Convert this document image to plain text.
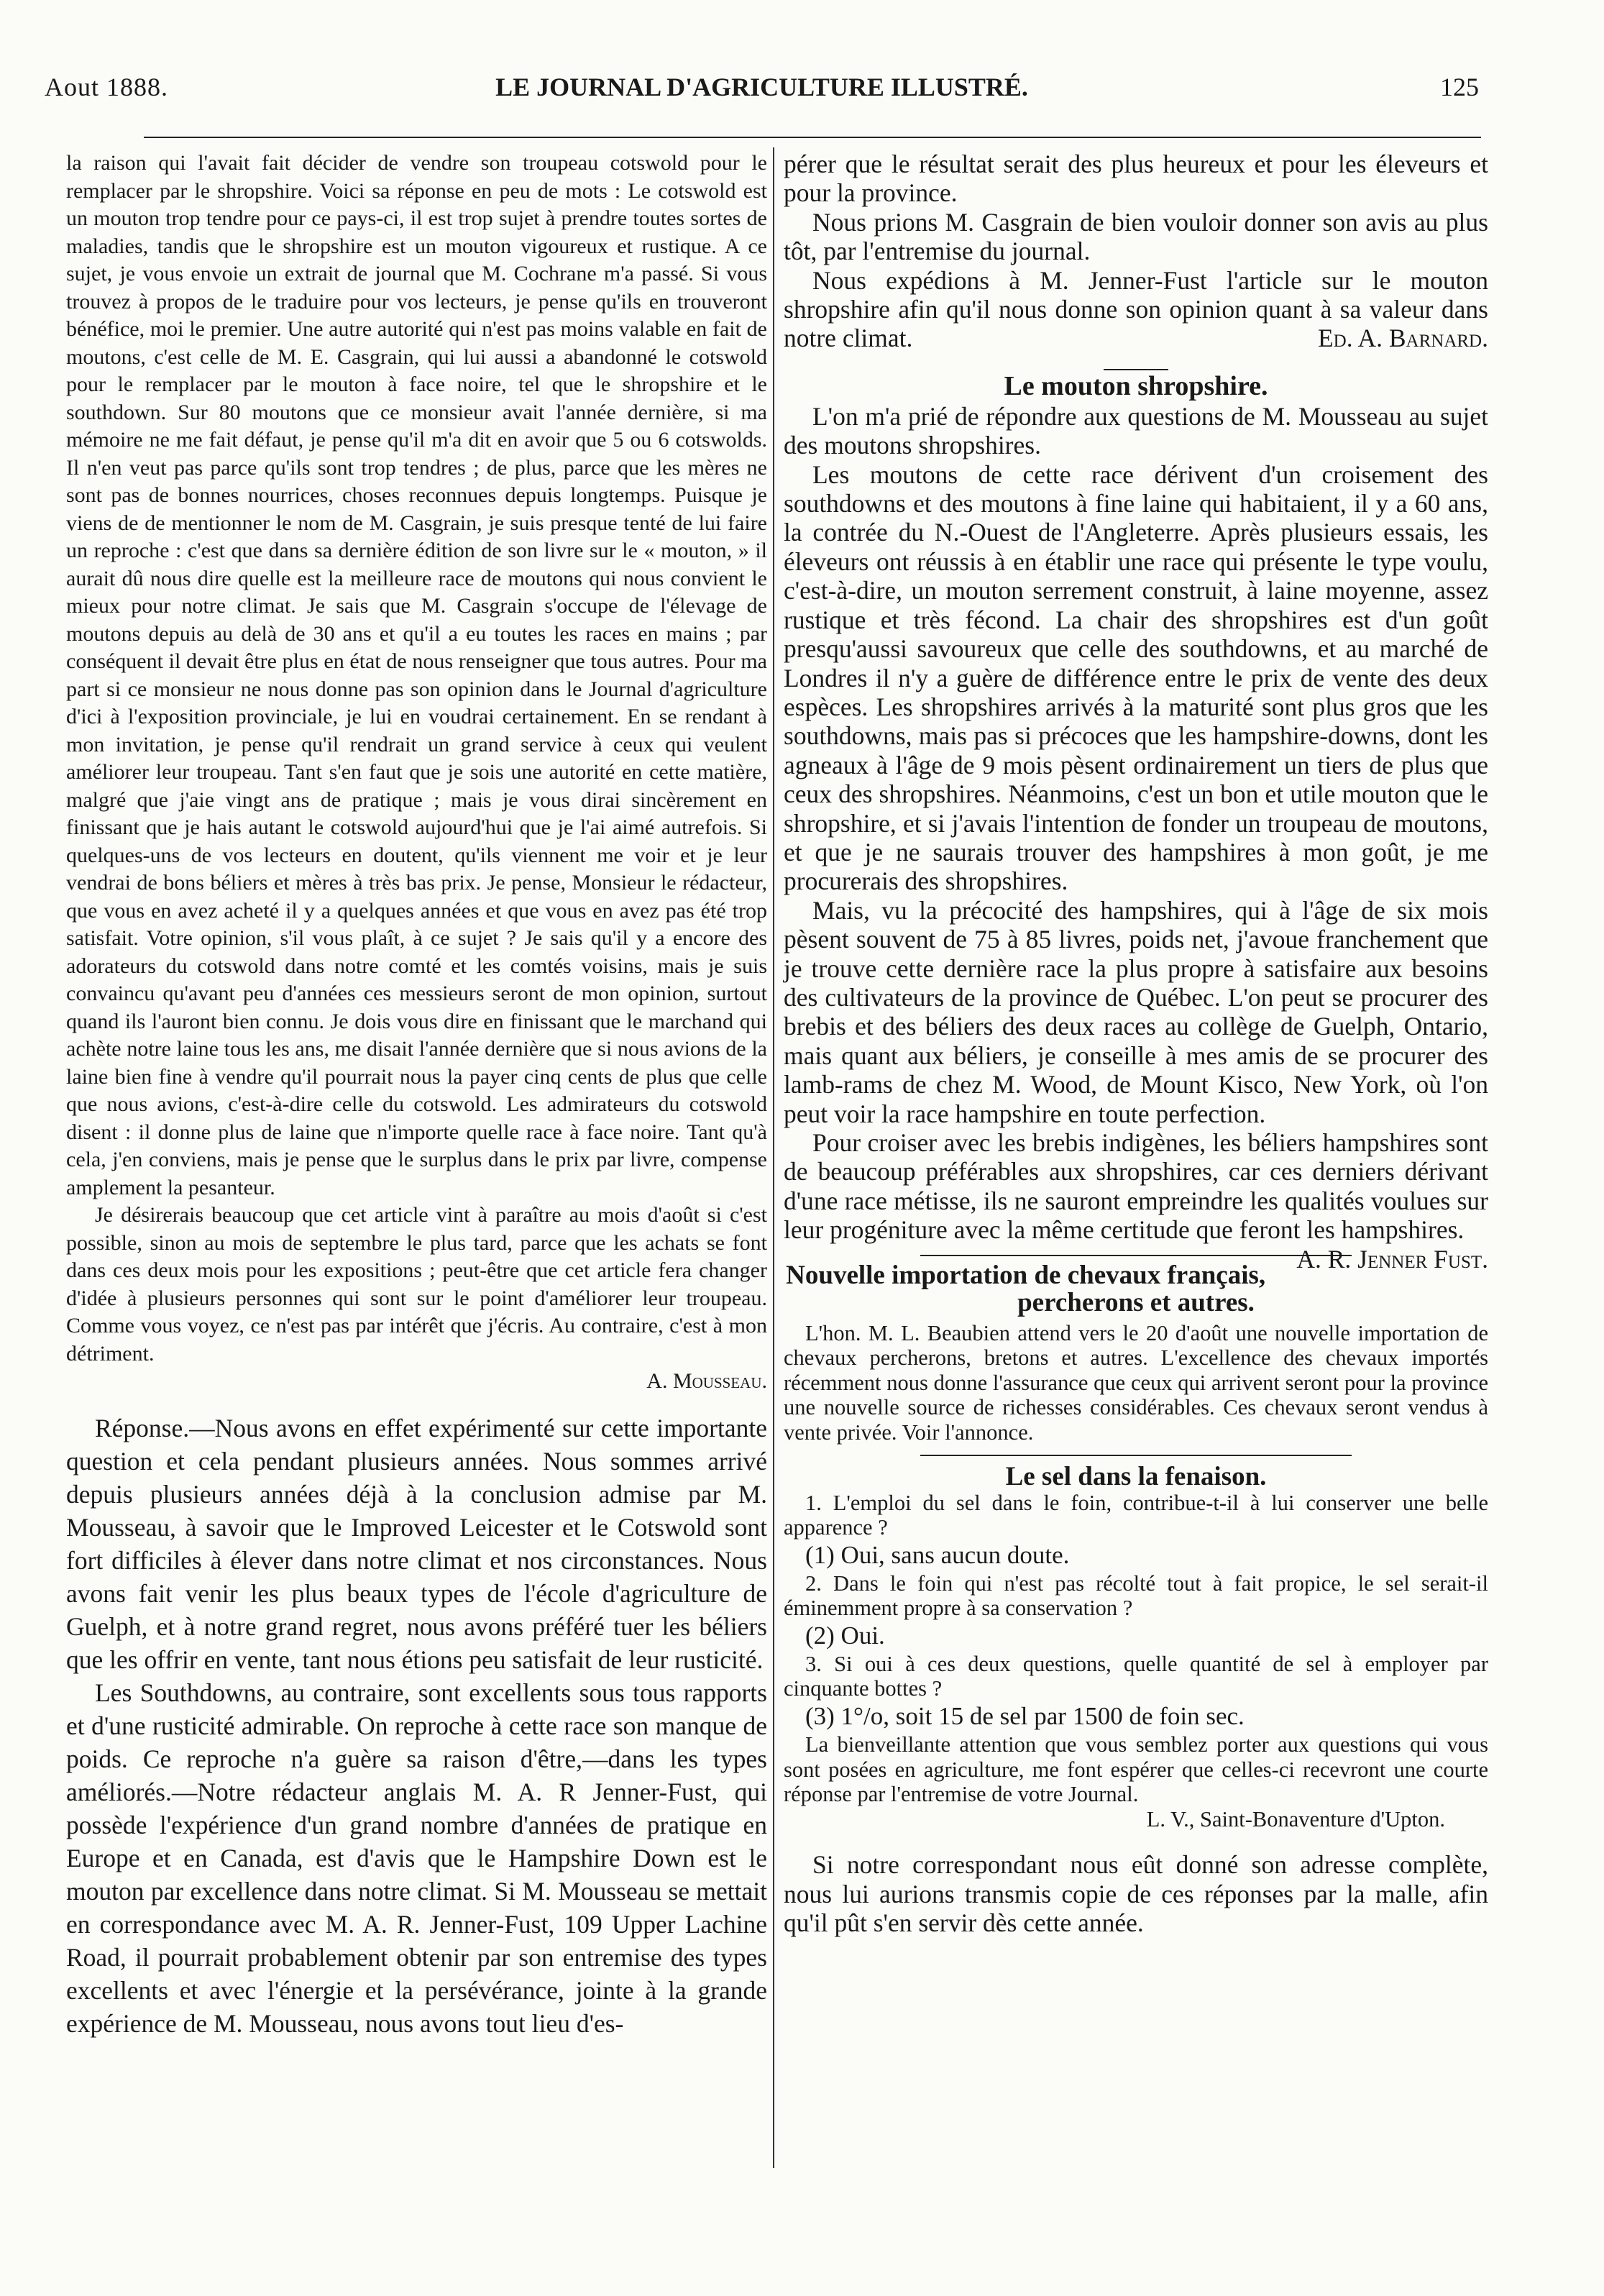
Aout 1888.	LE JOURNAL D'AGRICULTURE ILLUSTRÉ.	125

la raison qui l'avait fait décider de vendre son troupeau cotswold pour le remplacer par le shropshire. Voici sa réponse en peu de mots : Le cotswold est un mouton trop tendre pour ce pays-ci, il est trop sujet à prendre toutes sortes de maladies, tandis que le shropshire est un mouton vigoureux et rustique. A ce sujet, je vous envoie un extrait de journal que M. Cochrane m'a passé. Si vous trouvez à propos de le traduire pour vos lecteurs, je pense qu'ils en trouveront bénéfice, moi le premier. Une autre autorité qui n'est pas moins valable en fait de moutons, c'est celle de M. E. Casgrain, qui lui aussi a abandonné le cotswold pour le remplacer par le mouton à face noire, tel que le shropshire et le southdown. Sur 80 moutons que ce monsieur avait l'année dernière, si ma mémoire ne me fait défaut, je pense qu'il m'a dit en avoir que 5 ou 6 cotswolds. Il n'en veut pas parce qu'ils sont trop tendres ; de plus, parce que les mères ne sont pas de bonnes nourrices, choses reconnues depuis longtemps. Puisque je viens de de mentionner le nom de M. Casgrain, je suis presque tenté de lui faire un reproche : c'est que dans sa dernière édition de son livre sur le « mouton, » il aurait dû nous dire quelle est la meilleure race de moutons qui nous convient le mieux pour notre climat. Je sais que M. Casgrain s'occupe de l'élevage de moutons depuis au delà de 30 ans et qu'il a eu toutes les races en mains ; par conséquent il devait être plus en état de nous renseigner que tous autres. Pour ma part si ce monsieur ne nous donne pas son opinion dans le Journal d'agriculture d'ici à l'exposition provinciale, je lui en voudrai certainement. En se rendant à mon invitation, je pense qu'il rendrait un grand service à ceux qui veulent améliorer leur troupeau. Tant s'en faut que je sois une autorité en cette matière, malgré que j'aie vingt ans de pratique ; mais je vous dirai sincèrement en finissant que je hais autant le cotswold aujourd'hui que je l'ai aimé autrefois. Si quelques-uns de vos lecteurs en doutent, qu'ils viennent me voir et je leur vendrai de bons béliers et mères à très bas prix. Je pense, Monsieur le rédacteur, que vous en avez acheté il y a quelques années et que vous en avez pas été trop satisfait. Votre opinion, s'il vous plaît, à ce sujet ? Je sais qu'il y a encore des adorateurs du cotswold dans notre comté et les comtés voisins, mais je suis convaincu qu'avant peu d'années ces messieurs seront de mon opinion, surtout quand ils l'auront bien connu. Je dois vous dire en finissant que le marchand qui achète notre laine tous les ans, me disait l'année dernière que si nous avions de la laine bien fine à vendre qu'il pourrait nous la payer cinq cents de plus que celle que nous avions, c'est-à-dire celle du cotswold. Les admirateurs du cotswold disent : il donne plus de laine que n'importe quelle race à face noire. Tant qu'à cela, j'en conviens, mais je pense que le surplus dans le prix par livre, compense amplement la pesanteur.

Je désirerais beaucoup que cet article vint à paraître au mois d'août si c'est possible, sinon au mois de septembre le plus tard, parce que les achats se font dans ces deux mois pour les expositions ; peut-être que cet article fera changer d'idée à plusieurs personnes qui sont sur le point d'améliorer leur troupeau. Comme vous voyez, ce n'est pas par intérêt que j'écris. Au contraire, c'est à mon détriment.
A. Mousseau.

Réponse.—Nous avons en effet expérimenté sur cette importante question et cela pendant plusieurs années. Nous sommes arrivé depuis plusieurs années déjà à la conclusion admise par M. Mousseau, à savoir que le Improved Leicester et le Cotswold sont fort difficiles à élever dans notre climat et nos circonstances. Nous avons fait venir les plus beaux types de l'école d'agriculture de Guelph, et à notre grand regret, nous avons préféré tuer les béliers que les offrir en vente, tant nous étions peu satisfait de leur rusticité.

Les Southdowns, au contraire, sont excellents sous tous rapports et d'une rusticité admirable. On reproche à cette race son manque de poids. Ce reproche n'a guère sa raison d'être,—dans les types améliorés.—Notre rédacteur anglais M. A. R Jenner-Fust, qui possède l'expérience d'un grand nombre d'années de pratique en Europe et en Canada, est d'avis que le Hampshire Down est le mouton par excellence dans notre climat. Si M. Mousseau se mettait en correspondance avec M. A. R. Jenner-Fust, 109 Upper Lachine Road, il pourrait probablement obtenir par son entremise des types excellents et avec l'énergie et la persévérance, jointe à la grande expérience de M. Mousseau, nous avons tout lieu d'es-

pérer que le résultat serait des plus heureux et pour les éleveurs et pour la province.

Nous prions M. Casgrain de bien vouloir donner son avis au plus tôt, par l'entremise du journal.

Nous expédions à M. Jenner-Fust l'article sur le mouton shropshire afin qu'il nous donne son opinion quant à sa valeur dans notre climat.	Ed. A. Barnard.

Le mouton shropshire.

L'on m'a prié de répondre aux questions de M. Mousseau au sujet des moutons shropshires.

Les moutons de cette race dérivent d'un croisement des southdowns et des moutons à fine laine qui habitaient, il y a 60 ans, la contrée du N.-Ouest de l'Angleterre. Après plusieurs essais, les éleveurs ont réussis à en établir une race qui présente le type voulu, c'est-à-dire, un mouton serrement construit, à laine moyenne, assez rustique et très fécond. La chair des shropshires est d'un goût presqu'aussi savoureux que celle des southdowns, et au marché de Londres il n'y a guère de différence entre le prix de vente des deux espèces. Les shropshires arrivés à la maturité sont plus gros que les southdowns, mais pas si précoces que les hampshire-downs, dont les agneaux à l'âge de 9 mois pèsent ordinairement un tiers de plus que ceux des shropshires. Néanmoins, c'est un bon et utile mouton que le shropshire, et si j'avais l'intention de fonder un troupeau de moutons, et que je ne saurais trouver des hampshires à mon goût, je me procurerais des shropshires.

Mais, vu la précocité des hampshires, qui à l'âge de six mois pèsent souvent de 75 à 85 livres, poids net, j'avoue franchement que je trouve cette dernière race la plus propre à satisfaire aux besoins des cultivateurs de la province de Québec. L'on peut se procurer des brebis et des béliers des deux races au collège de Guelph, Ontario, mais quant aux béliers, je conseille à mes amis de se procurer des lamb-rams de chez M. Wood, de Mount Kisco, New York, où l'on peut voir la race hampshire en toute perfection.

Pour croiser avec les brebis indigènes, les béliers hampshires sont de beaucoup préférables aux shropshires, car ces derniers dérivant d'une race métisse, ils ne sauront empreindre les qualités voulues sur leur progéniture avec la même certitude que feront les hampshires.
A. R. Jenner Fust.

Nouvelle importation de chevaux français,

percherons et autres.

L'hon. M. L. Beaubien attend vers le 20 d'août une nouvelle importation de chevaux percherons, bretons et autres. L'excellence des chevaux importés récemment nous donne l'assurance que ceux qui arrivent seront pour la province une nouvelle source de richesses considérables. Ces chevaux seront vendus à vente privée. Voir l'annonce.

Le sel dans la fenaison.

1. L'emploi du sel dans le foin, contribue-t-il à lui conserver une belle apparence ?

(1) Oui, sans aucun doute.

2. Dans le foin qui n'est pas récolté tout à fait propice, le sel serait-il éminemment propre à sa conservation ?

(2) Oui.

3. Si oui à ces deux questions, quelle quantité de sel à employer par cinquante bottes ?

(3) 1°/o, soit 15 de sel par 1500 de foin sec.

La bienveillante attention que vous semblez porter aux questions qui vous sont posées en agriculture, me font espérer que celles-ci recevront une courte réponse par l'entremise de votre Journal.
L. V., Saint-Bonaventure d'Upton.

Si notre correspondant nous eût donné son adresse complète, nous lui aurions transmis copie de ces réponses par la malle, afin qu'il pût s'en servir dès cette année.
